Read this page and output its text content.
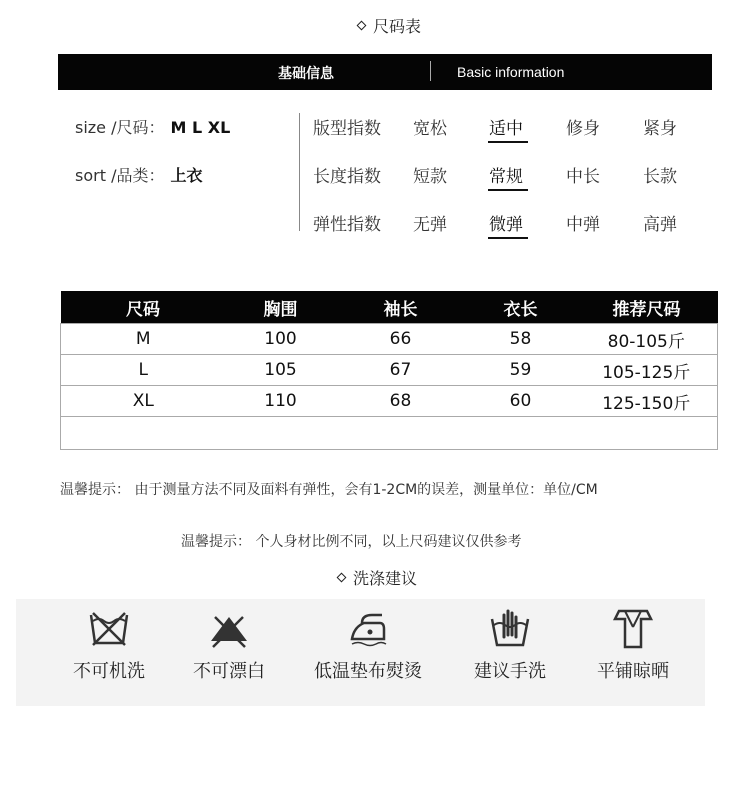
尺码表
基础信息	Basic information
size /尺码： M L XL
sort /品类： 上衣
版型指数 宽松 适中	修身	紧身
长度指数 短款 常规	中长	长款
弹性指数 无弹 微弹	中弹	高弹
尺码	胸围	袖长	衣长	推荐尺码
M	100	66	58	80-105斤
L	105	67	59	105-125斤
XL	110	68	60	125-150斤

温馨提示： 由于测量方法不同及面料有弹性，会有1-2CM的误差，测量单位：单位/CM
温馨提示： 个人身材比例不同，以上尺码建议仅供参考
洗涤建议
不可机洗	不可漂白	低温垫布熨烫	建议手洗	平铺晾晒
